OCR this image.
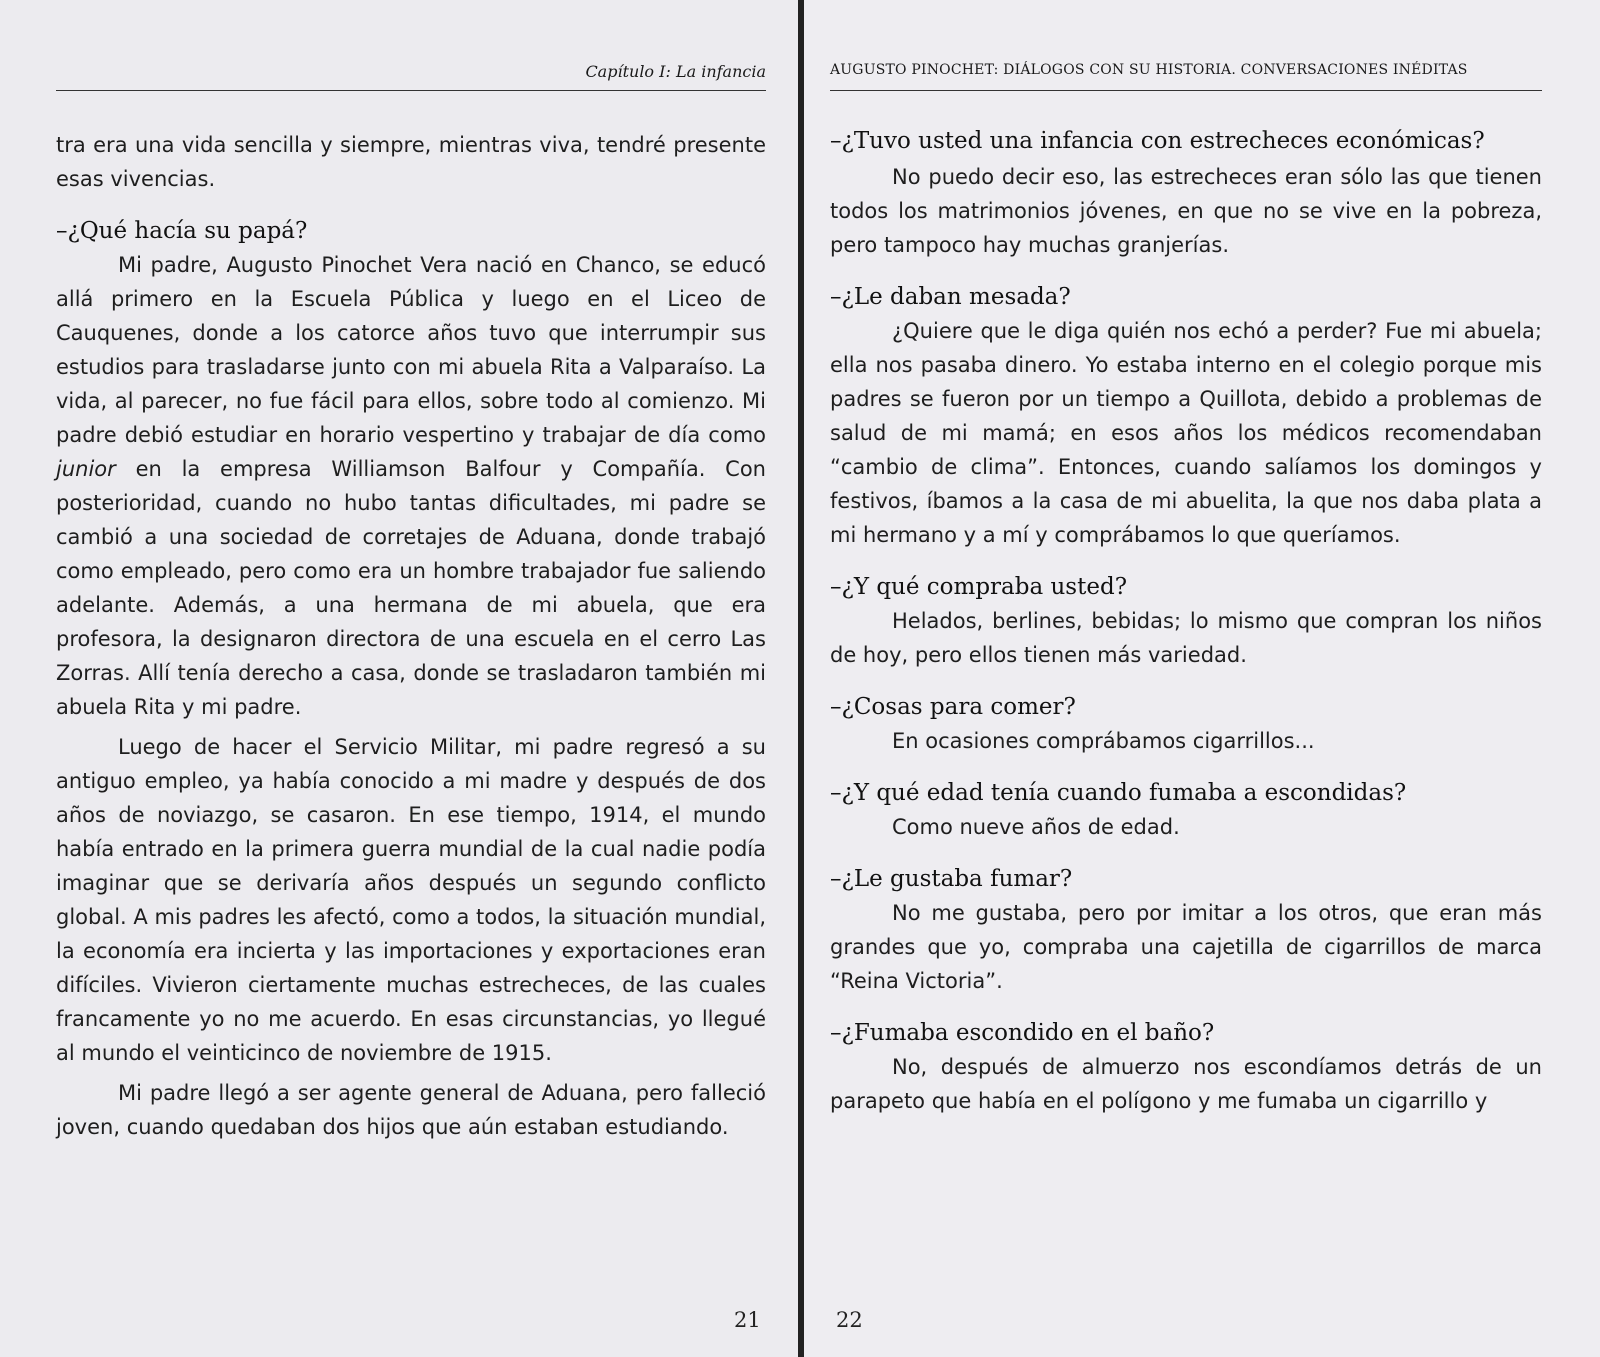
Capítulo I: La infancia

tra era una vida sencilla y siempre, mientras viva, tendré presente esas vivencias.

–¿Qué hacía su papá?

Mi padre, Augusto Pinochet Vera nació en Chanco, se educó allá primero en la Escuela Pública y luego en el Liceo de Cauquenes, donde a los catorce años tuvo que interrumpir sus estudios para trasladarse junto con mi abuela Rita a Valparaíso. La vida, al parecer, no fue fácil para ellos, sobre todo al comienzo. Mi padre debió estudiar en horario vespertino y trabajar de día como junior en la empresa Williamson Balfour y Compañía. Con posterioridad, cuando no hubo tantas dificultades, mi padre se cambió a una sociedad de corretajes de Aduana, donde trabajó como empleado, pero como era un hombre trabajador fue saliendo adelante. Además, a una hermana de mi abuela, que era profesora, la designaron directora de una escuela en el cerro Las Zorras. Allí tenía derecho a casa, donde se trasladaron también mi abuela Rita y mi padre.

Luego de hacer el Servicio Militar, mi padre regresó a su antiguo empleo, ya había conocido a mi madre y después de dos años de noviazgo, se casaron. En ese tiempo, 1914, el mundo había entrado en la primera guerra mundial de la cual nadie podía imaginar que se derivaría años después un segundo conflicto global. A mis padres les afectó, como a todos, la situación mundial, la economía era incierta y las importaciones y exportaciones eran difíciles. Vivieron ciertamente muchas estrecheces, de las cuales francamente yo no me acuerdo. En esas circunstancias, yo llegué al mundo el veinticinco de noviembre de 1915.

Mi padre llegó a ser agente general de Aduana, pero falleció joven, cuando quedaban dos hijos que aún estaban estudiando.

21
AUGUSTO PINOCHET: DIÁLOGOS CON SU HISTORIA. CONVERSACIONES INÉDITAS

–¿Tuvo usted una infancia con estrecheces económicas?

No puedo decir eso, las estrecheces eran sólo las que tienen todos los matrimonios jóvenes, en que no se vive en la pobreza, pero tampoco hay muchas granjerías.

–¿Le daban mesada?

¿Quiere que le diga quién nos echó a perder? Fue mi abuela; ella nos pasaba dinero. Yo estaba interno en el colegio porque mis padres se fueron por un tiempo a Quillota, debido a problemas de salud de mi mamá; en esos años los médicos recomendaban “cambio de clima”. Entonces, cuando salíamos los domingos y festivos, íbamos a la casa de mi abuelita, la que nos daba plata a mi hermano y a mí y comprábamos lo que queríamos.

–¿Y qué compraba usted?

Helados, berlines, bebidas; lo mismo que compran los niños de hoy, pero ellos tienen más variedad.

–¿Cosas para comer?

En ocasiones comprábamos cigarrillos...

–¿Y qué edad tenía cuando fumaba a escondidas?

Como nueve años de edad.

–¿Le gustaba fumar?

No me gustaba, pero por imitar a los otros, que eran más grandes que yo, compraba una cajetilla de cigarrillos de marca “Reina Victoria”.

–¿Fumaba escondido en el baño?

No, después de almuerzo nos escondíamos detrás de un parapeto que había en el polígono y me fumaba un cigarrillo y

22
